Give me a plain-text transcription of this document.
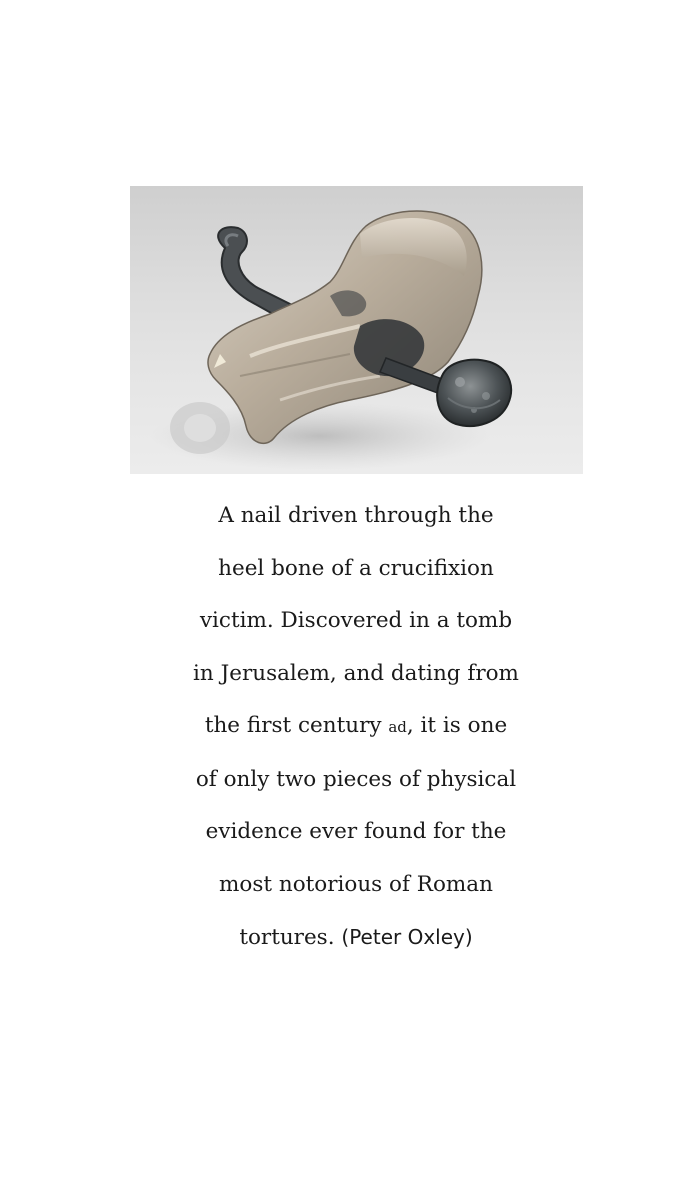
A nail driven through the
heel bone of a crucifixion
victim. Discovered in a tomb
in Jerusalem, and dating from
the first century ad, it is one
of only two pieces of physical
evidence ever found for the
most notorious of Roman
tortures. (Peter Oxley)
